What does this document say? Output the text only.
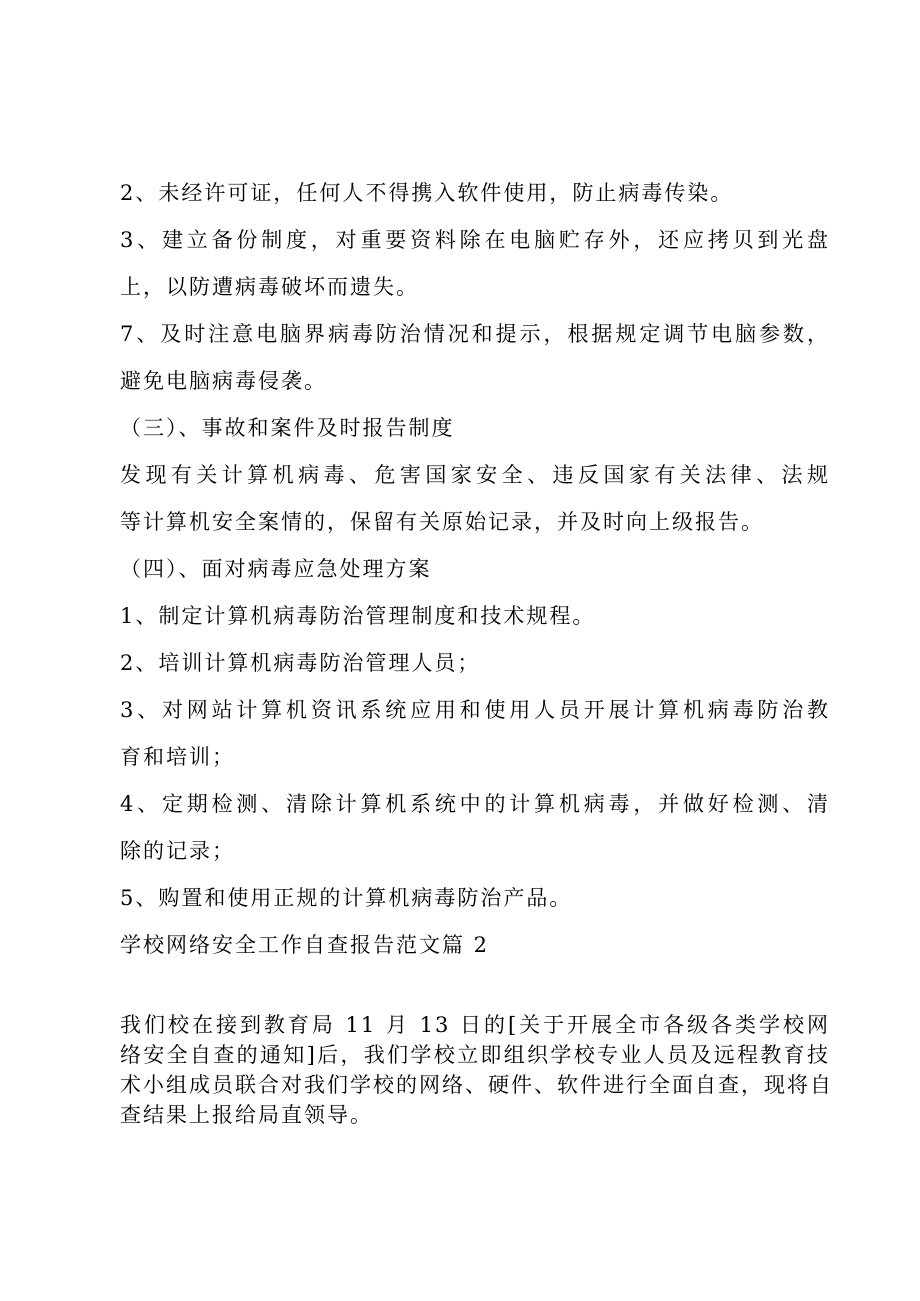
2、未经许可证，任何人不得携入软件使用，防止病毒传染。

3、建立备份制度，对重要资料除在电脑贮存外，还应拷贝到光盘

上，以防遭病毒破坏而遗失。

7、及时注意电脑界病毒防治情况和提示，根据规定调节电脑参数，

避免电脑病毒侵袭。

（三）、事故和案件及时报告制度

发现有关计算机病毒、危害国家安全、违反国家有关法律、法规

等计算机安全案情的，保留有关原始记录，并及时向上级报告。

（四）、面对病毒应急处理方案

1、制定计算机病毒防治管理制度和技术规程。

2、培训计算机病毒防治管理人员；

3、对网站计算机资讯系统应用和使用人员开展计算机病毒防治教

育和培训；

4、定期检测、清除计算机系统中的计算机病毒，并做好检测、清

除的记录；

5、购置和使用正规的计算机病毒防治产品。

学校网络安全工作自查报告范文篇 2

我们校在接到教育局 11 月 13 日的[关于开展全市各级各类学校网

络安全自查的通知]后，我们学校立即组织学校专业人员及远程教育技

术小组成员联合对我们学校的网络、硬件、软件进行全面自查，现将自

查结果上报给局直领导。
